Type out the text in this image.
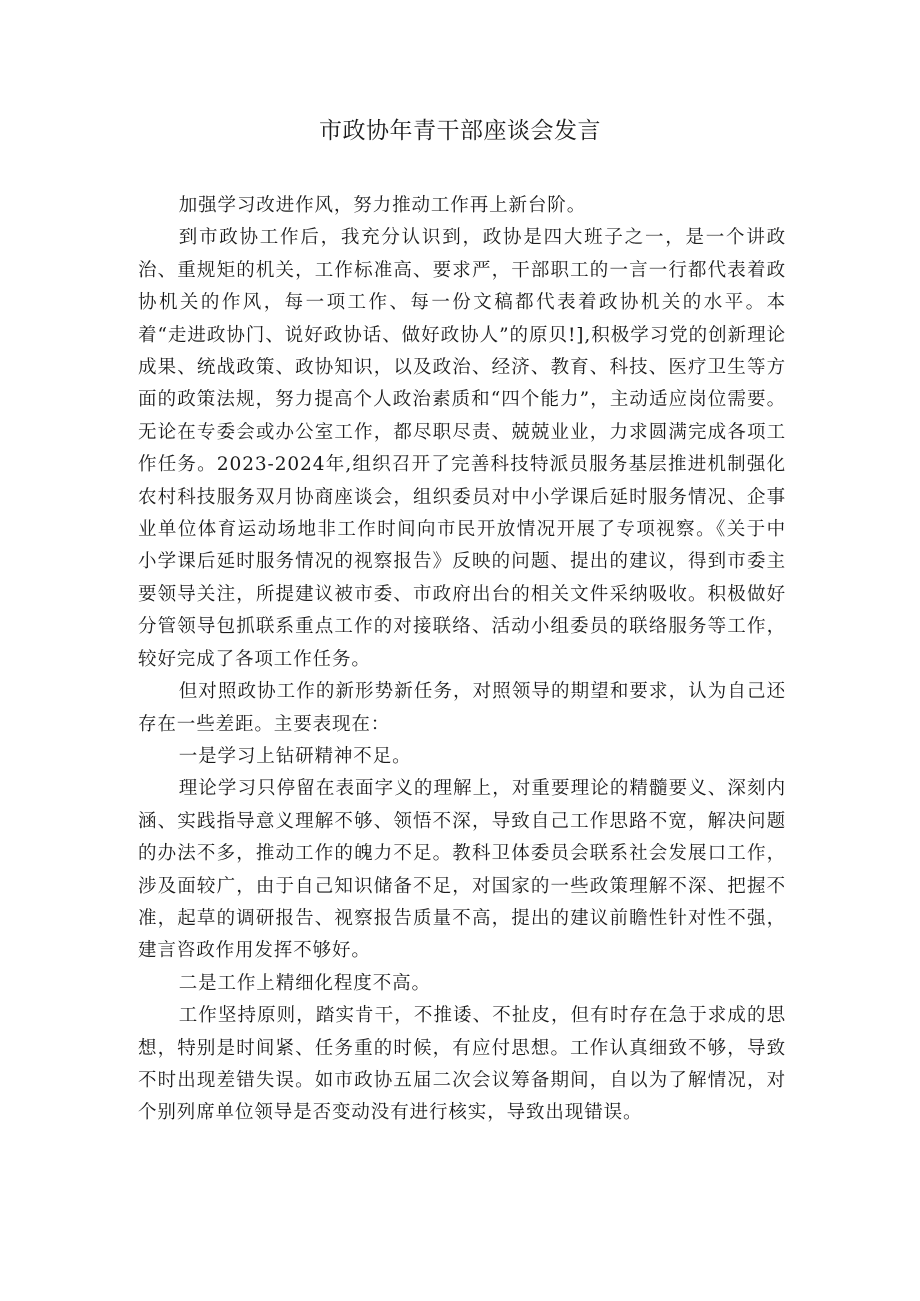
市政协年青干部座谈会发言

加强学习改进作风，努力推动工作再上新台阶。

到市政协工作后，我充分认识到，政协是四大班子之一，是一个讲政治、重规矩的机关，工作标准高、要求严，干部职工的一言一行都代表着政协机关的作风，每一项工作、每一份文稿都代表着政协机关的水平。本着“走进政协门、说好政协话、做好政协人”的原贝!],积极学习党的创新理论成果、统战政策、政协知识，以及政治、经济、教育、科技、医疗卫生等方面的政策法规，努力提高个人政治素质和“四个能力”，主动适应岗位需要。无论在专委会或办公室工作，都尽职尽责、兢兢业业，力求圆满完成各项工作任务。2023-2024年,组织召开了完善科技特派员服务基层推进机制强化农村科技服务双月协商座谈会，组织委员对中小学课后延时服务情况、企事业单位体育运动场地非工作时间向市民开放情况开展了专项视察。《关于中小学课后延时服务情况的视察报告》反映的问题、提出的建议，得到市委主要领导关注，所提建议被市委、市政府出台的相关文件采纳吸收。积极做好分管领导包抓联系重点工作的对接联络、活动小组委员的联络服务等工作，较好完成了各项工作任务。

但对照政协工作的新形势新任务，对照领导的期望和要求，认为自己还存在一些差距。主要表现在：

一是学习上钻研精神不足。

理论学习只停留在表面字义的理解上，对重要理论的精髓要义、深刻内涵、实践指导意义理解不够、领悟不深，导致自己工作思路不宽，解决问题的办法不多，推动工作的魄力不足。教科卫体委员会联系社会发展口工作，涉及面较广，由于自己知识储备不足，对国家的一些政策理解不深、把握不准，起草的调研报告、视察报告质量不高，提出的建议前瞻性针对性不强，建言咨政作用发挥不够好。

二是工作上精细化程度不高。

工作坚持原则，踏实肯干，不推诿、不扯皮，但有时存在急于求成的思想，特别是时间紧、任务重的时候，有应付思想。工作认真细致不够，导致不时出现差错失误。如市政协五届二次会议筹备期间，自以为了解情况，对个别列席单位领导是否变动没有进行核实，导致出现错误。
